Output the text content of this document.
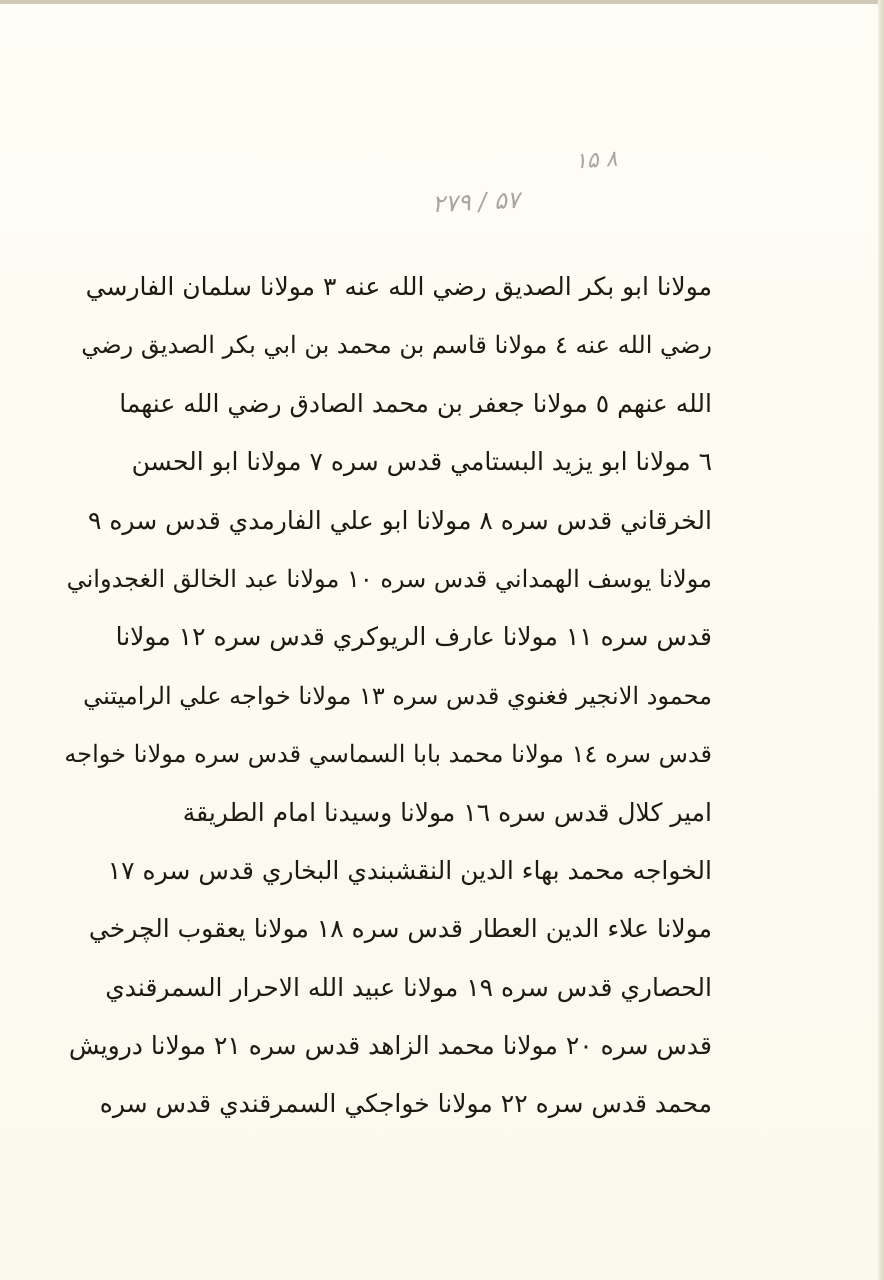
۱۵ ۸
۲۷۹ / ۵۷
مولانا ابو بكر الصديق رضي الله عنه ٣ مولانا سلمان الفارسي
رضي الله عنه ٤ مولانا قاسم بن محمد بن ابي بكر الصديق رضي
الله عنهم ٥ مولانا جعفر بن محمد الصادق رضي الله عنهما
٦ مولانا ابو يزيد البستامي قدس سره ٧ مولانا ابو الحسن
الخرقاني قدس سره ٨ مولانا ابو علي الفارمدي قدس سره ٩
مولانا يوسف الهمداني قدس سره ١٠ مولانا عبد الخالق الغجدواني
قدس سره ١١ مولانا عارف الريوكري قدس سره ١٢ مولانا
محمود الانجير فغنوي قدس سره ١٣ مولانا خواجه علي الراميتني
قدس سره ١٤ مولانا محمد بابا السماسي قدس سره مولانا خواجه
امير كلال قدس سره ١٦ مولانا وسيدنا امام الطريقة
الخواجه محمد بهاء الدين النقشبندي البخاري قدس سره ١٧
مولانا علاء الدين العطار قدس سره ١٨ مولانا يعقوب الچرخي
الحصاري قدس سره ١٩ مولانا عبيد الله الاحرار السمرقندي
قدس سره ٢٠ مولانا محمد الزاهد قدس سره ٢١ مولانا درويش
محمد قدس سره ٢٢ مولانا خواجكي السمرقندي قدس سره
